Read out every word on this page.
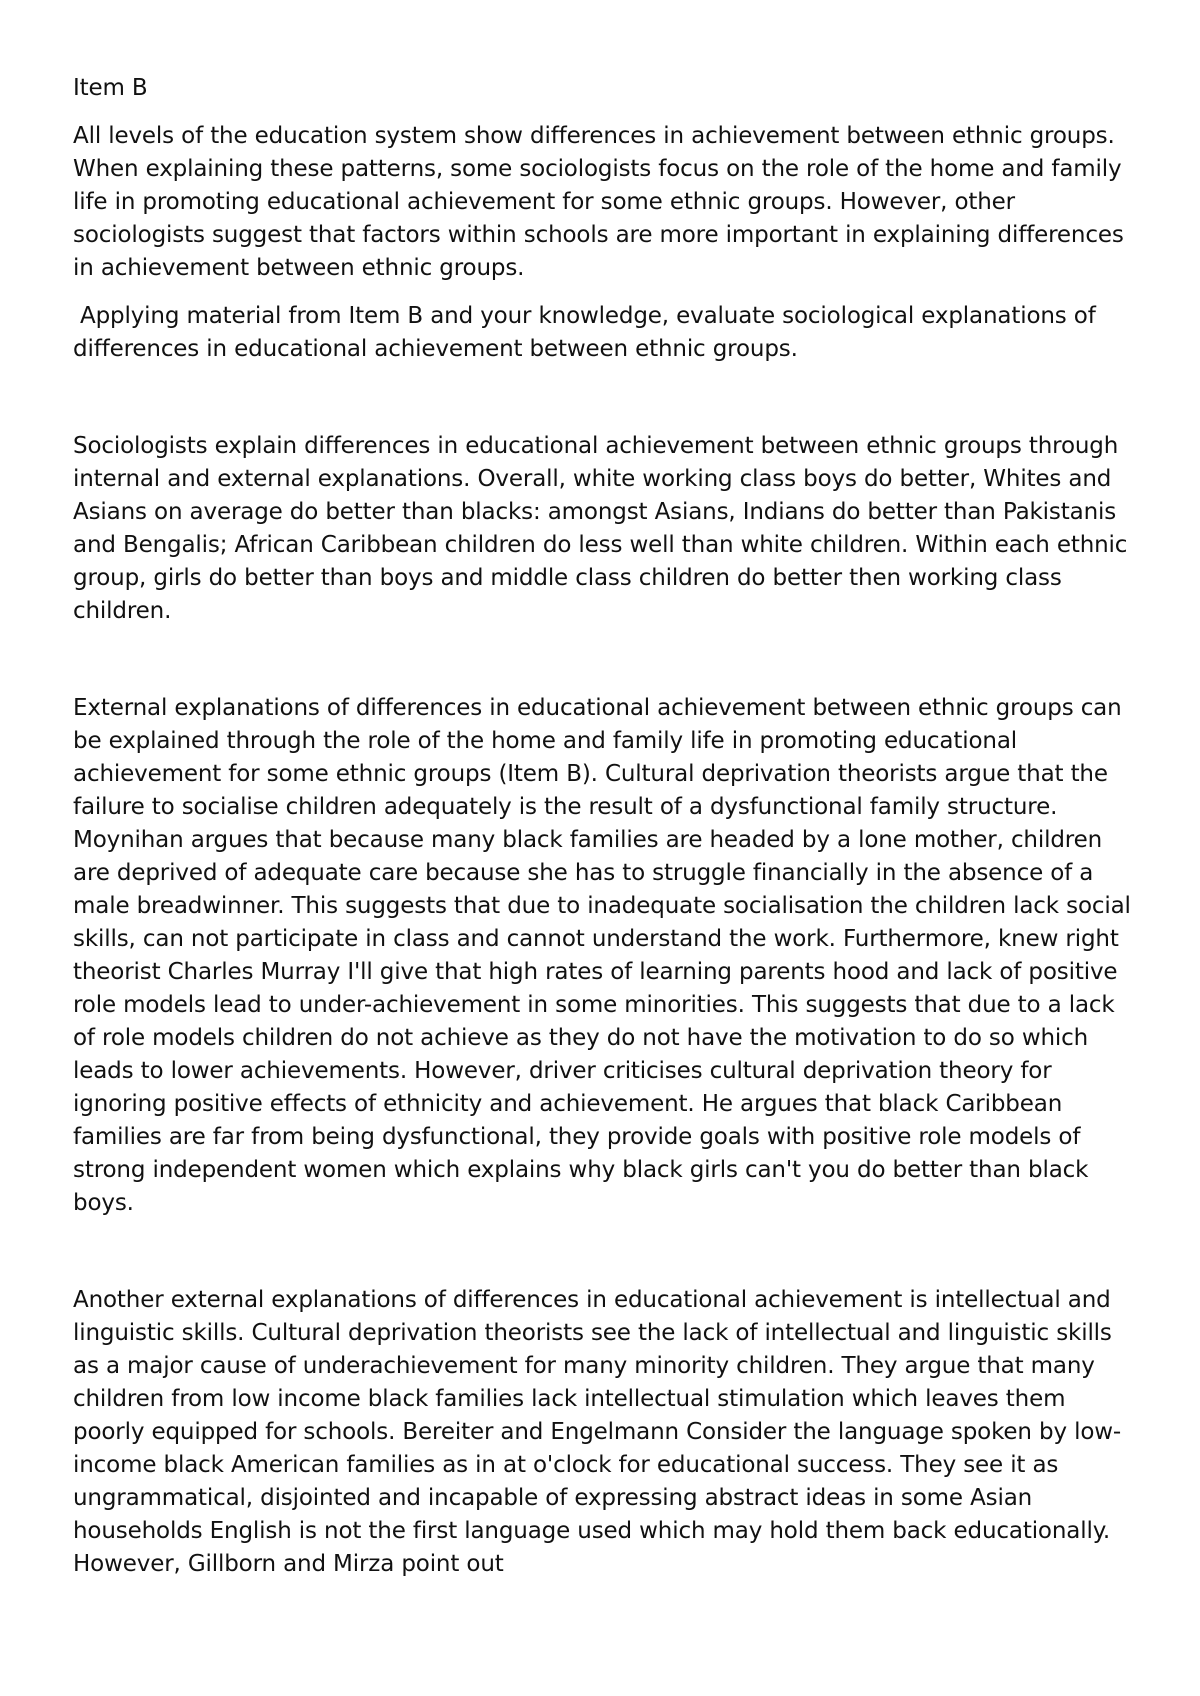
Item B

All levels of the education system show differences in achievement between ethnic groups. When explaining these patterns, some sociologists focus on the role of the home and family life in promoting educational achievement for some ethnic groups. However, other sociologists suggest that factors within schools are more important in explaining differences in achievement between ethnic groups.

Applying material from Item B and your knowledge, evaluate sociological explanations of differences in educational achievement between ethnic groups.

Sociologists explain differences in educational achievement between ethnic groups through internal and external explanations. Overall, white working class boys do better, Whites and Asians on average do better than blacks: amongst Asians, Indians do better than Pakistanis and Bengalis; African Caribbean children do less well than white children. Within each ethnic group, girls do better than boys and middle class children do better then working class children.

External explanations of differences in educational achievement between ethnic groups can be explained through the role of the home and family life in promoting educational achievement for some ethnic groups (Item B). Cultural deprivation theorists argue that the failure to socialise children adequately is the result of a dysfunctional family structure. Moynihan argues that because many black families are headed by a lone mother, children are deprived of adequate care because she has to struggle financially in the absence of a male breadwinner. This suggests that due to inadequate socialisation the children lack social skills, can not participate in class and cannot understand the work. Furthermore, knew right theorist Charles Murray I'll give that high rates of learning parents hood and lack of positive role models lead to under-achievement in some minorities. This suggests that due to a lack of role models children do not achieve as they do not have the motivation to do so which leads to lower achievements. However, driver criticises cultural deprivation theory for ignoring positive effects of ethnicity and achievement. He argues that black Caribbean families are far from being dysfunctional, they provide goals with positive role models of strong independent women which explains why black girls can't you do better than black boys.

Another external explanations of differences in educational achievement is intellectual and linguistic skills. Cultural deprivation theorists see the lack of intellectual and linguistic skills as a major cause of underachievement for many minority children. They argue that many children from low income black families lack intellectual stimulation which leaves them poorly equipped for schools. Bereiter and Engelmann Consider the language spoken by low- income black American families as in at o'clock for educational success. They see it as ungrammatical, disjointed and incapable of expressing abstract ideas in some Asian households English is not the first language used which may hold them back educationally. However, Gillborn and Mirza point out
